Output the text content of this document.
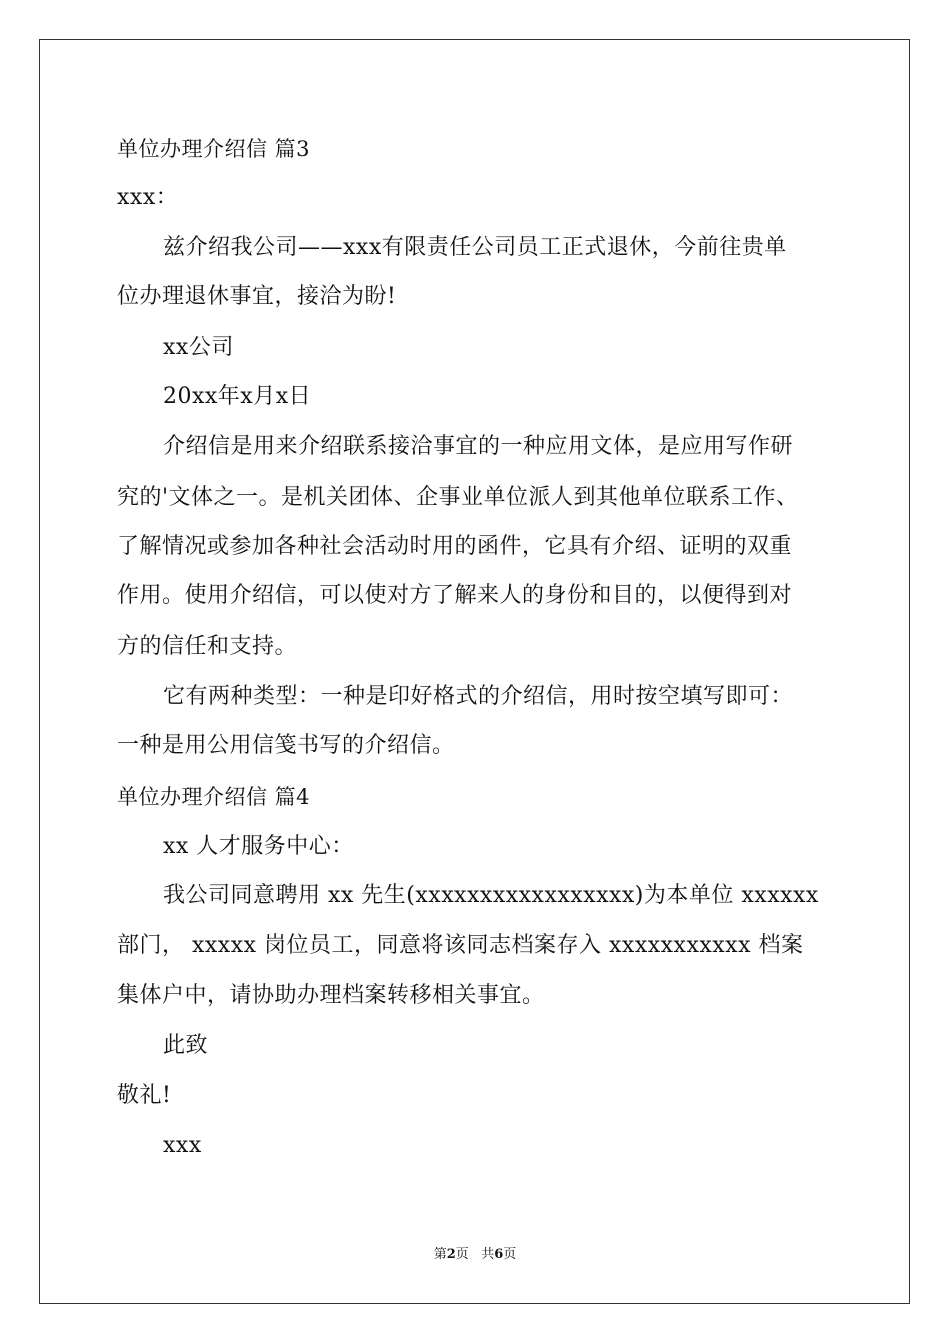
单位办理介绍信 篇3
xxx：
兹介绍我公司——xxx有限责任公司员工正式退休，今前往贵单
位办理退休事宜，接洽为盼!
xx公司
20xx年x月x日
介绍信是用来介绍联系接洽事宜的一种应用文体，是应用写作研
究的'文体之一。是机关团体、企事业单位派人到其他单位联系工作、
了解情况或参加各种社会活动时用的函件，它具有介绍、证明的双重
作用。使用介绍信，可以使对方了解来人的身份和目的，以便得到对
方的信任和支持。
它有两种类型：一种是印好格式的介绍信，用时按空填写即可：
一种是用公用信笺书写的介绍信。
单位办理介绍信 篇4
xx 人才服务中心：
我公司同意聘用 xx 先生(xxxxxxxxxxxxxxxxx)为本单位 xxxxxx
部门， xxxxx 岗位员工，同意将该同志档案存入 xxxxxxxxxxx 档案
集体户中，请协助办理档案转移相关事宜。
此致
敬礼!
xxx
第2页 共6页
